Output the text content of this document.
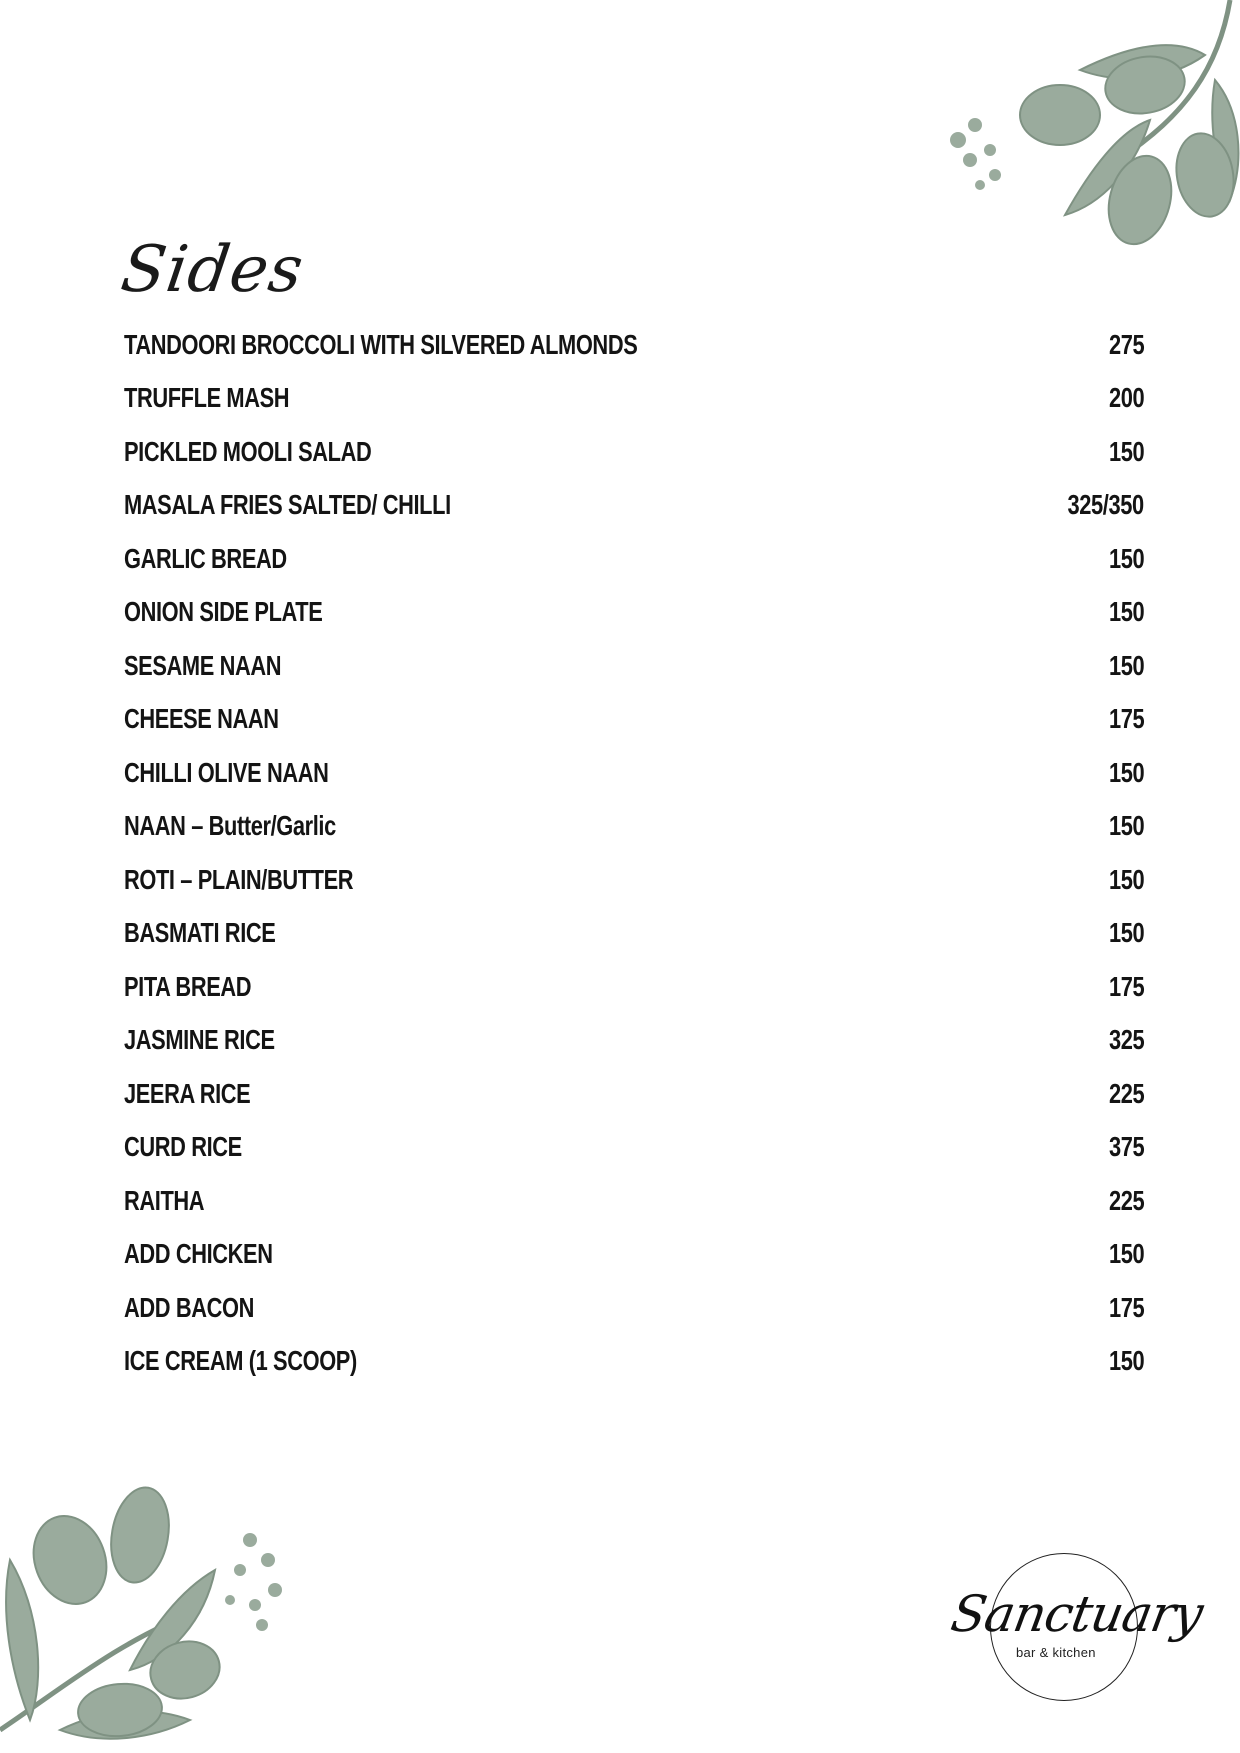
Sides
TANDOORI BROCCOLI WITH SILVERED ALMONDS	275
TRUFFLE MASH	200
PICKLED MOOLI SALAD	150
MASALA FRIES SALTED/ CHILLI	325/350
GARLIC BREAD	150
ONION SIDE PLATE	150
SESAME NAAN	150
CHEESE NAAN	175
CHILLI OLIVE NAAN	150
NAAN – Butter/Garlic	150
ROTI – PLAIN/BUTTER	150
BASMATI RICE	150
PITA BREAD	175
JASMINE RICE	325
JEERA RICE	225
CURD RICE	375
RAITHA	225
ADD CHICKEN	150
ADD BACON	175
ICE CREAM (1 SCOOP)	150
Sanctuary
bar & kitchen
